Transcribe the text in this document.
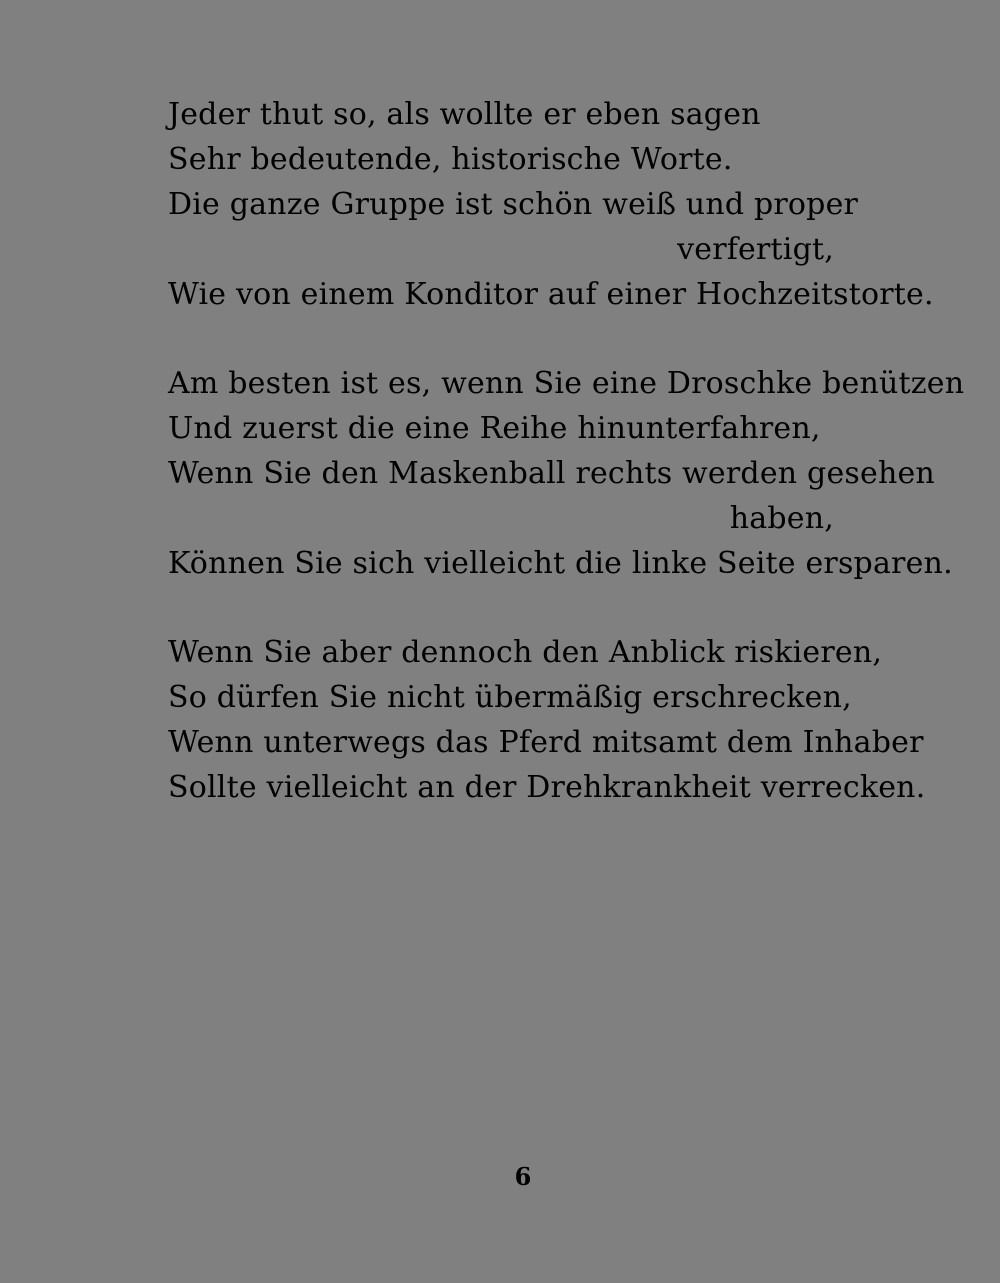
Jeder thut so, als wollte er eben sagen
Sehr bedeutende, historische Worte.
Die ganze Gruppe ist schön weiß und proper
verfertigt,
Wie von einem Konditor auf einer Hochzeitstorte.
Am besten ist es, wenn Sie eine Droschke benützen
Und zuerst die eine Reihe hinunterfahren,
Wenn Sie den Maskenball rechts werden gesehen
haben,
Können Sie sich vielleicht die linke Seite ersparen.
Wenn Sie aber dennoch den Anblick riskieren,
So dürfen Sie nicht übermäßig erschrecken,
Wenn unterwegs das Pferd mitsamt dem Inhaber
Sollte vielleicht an der Drehkrankheit verrecken.
6
